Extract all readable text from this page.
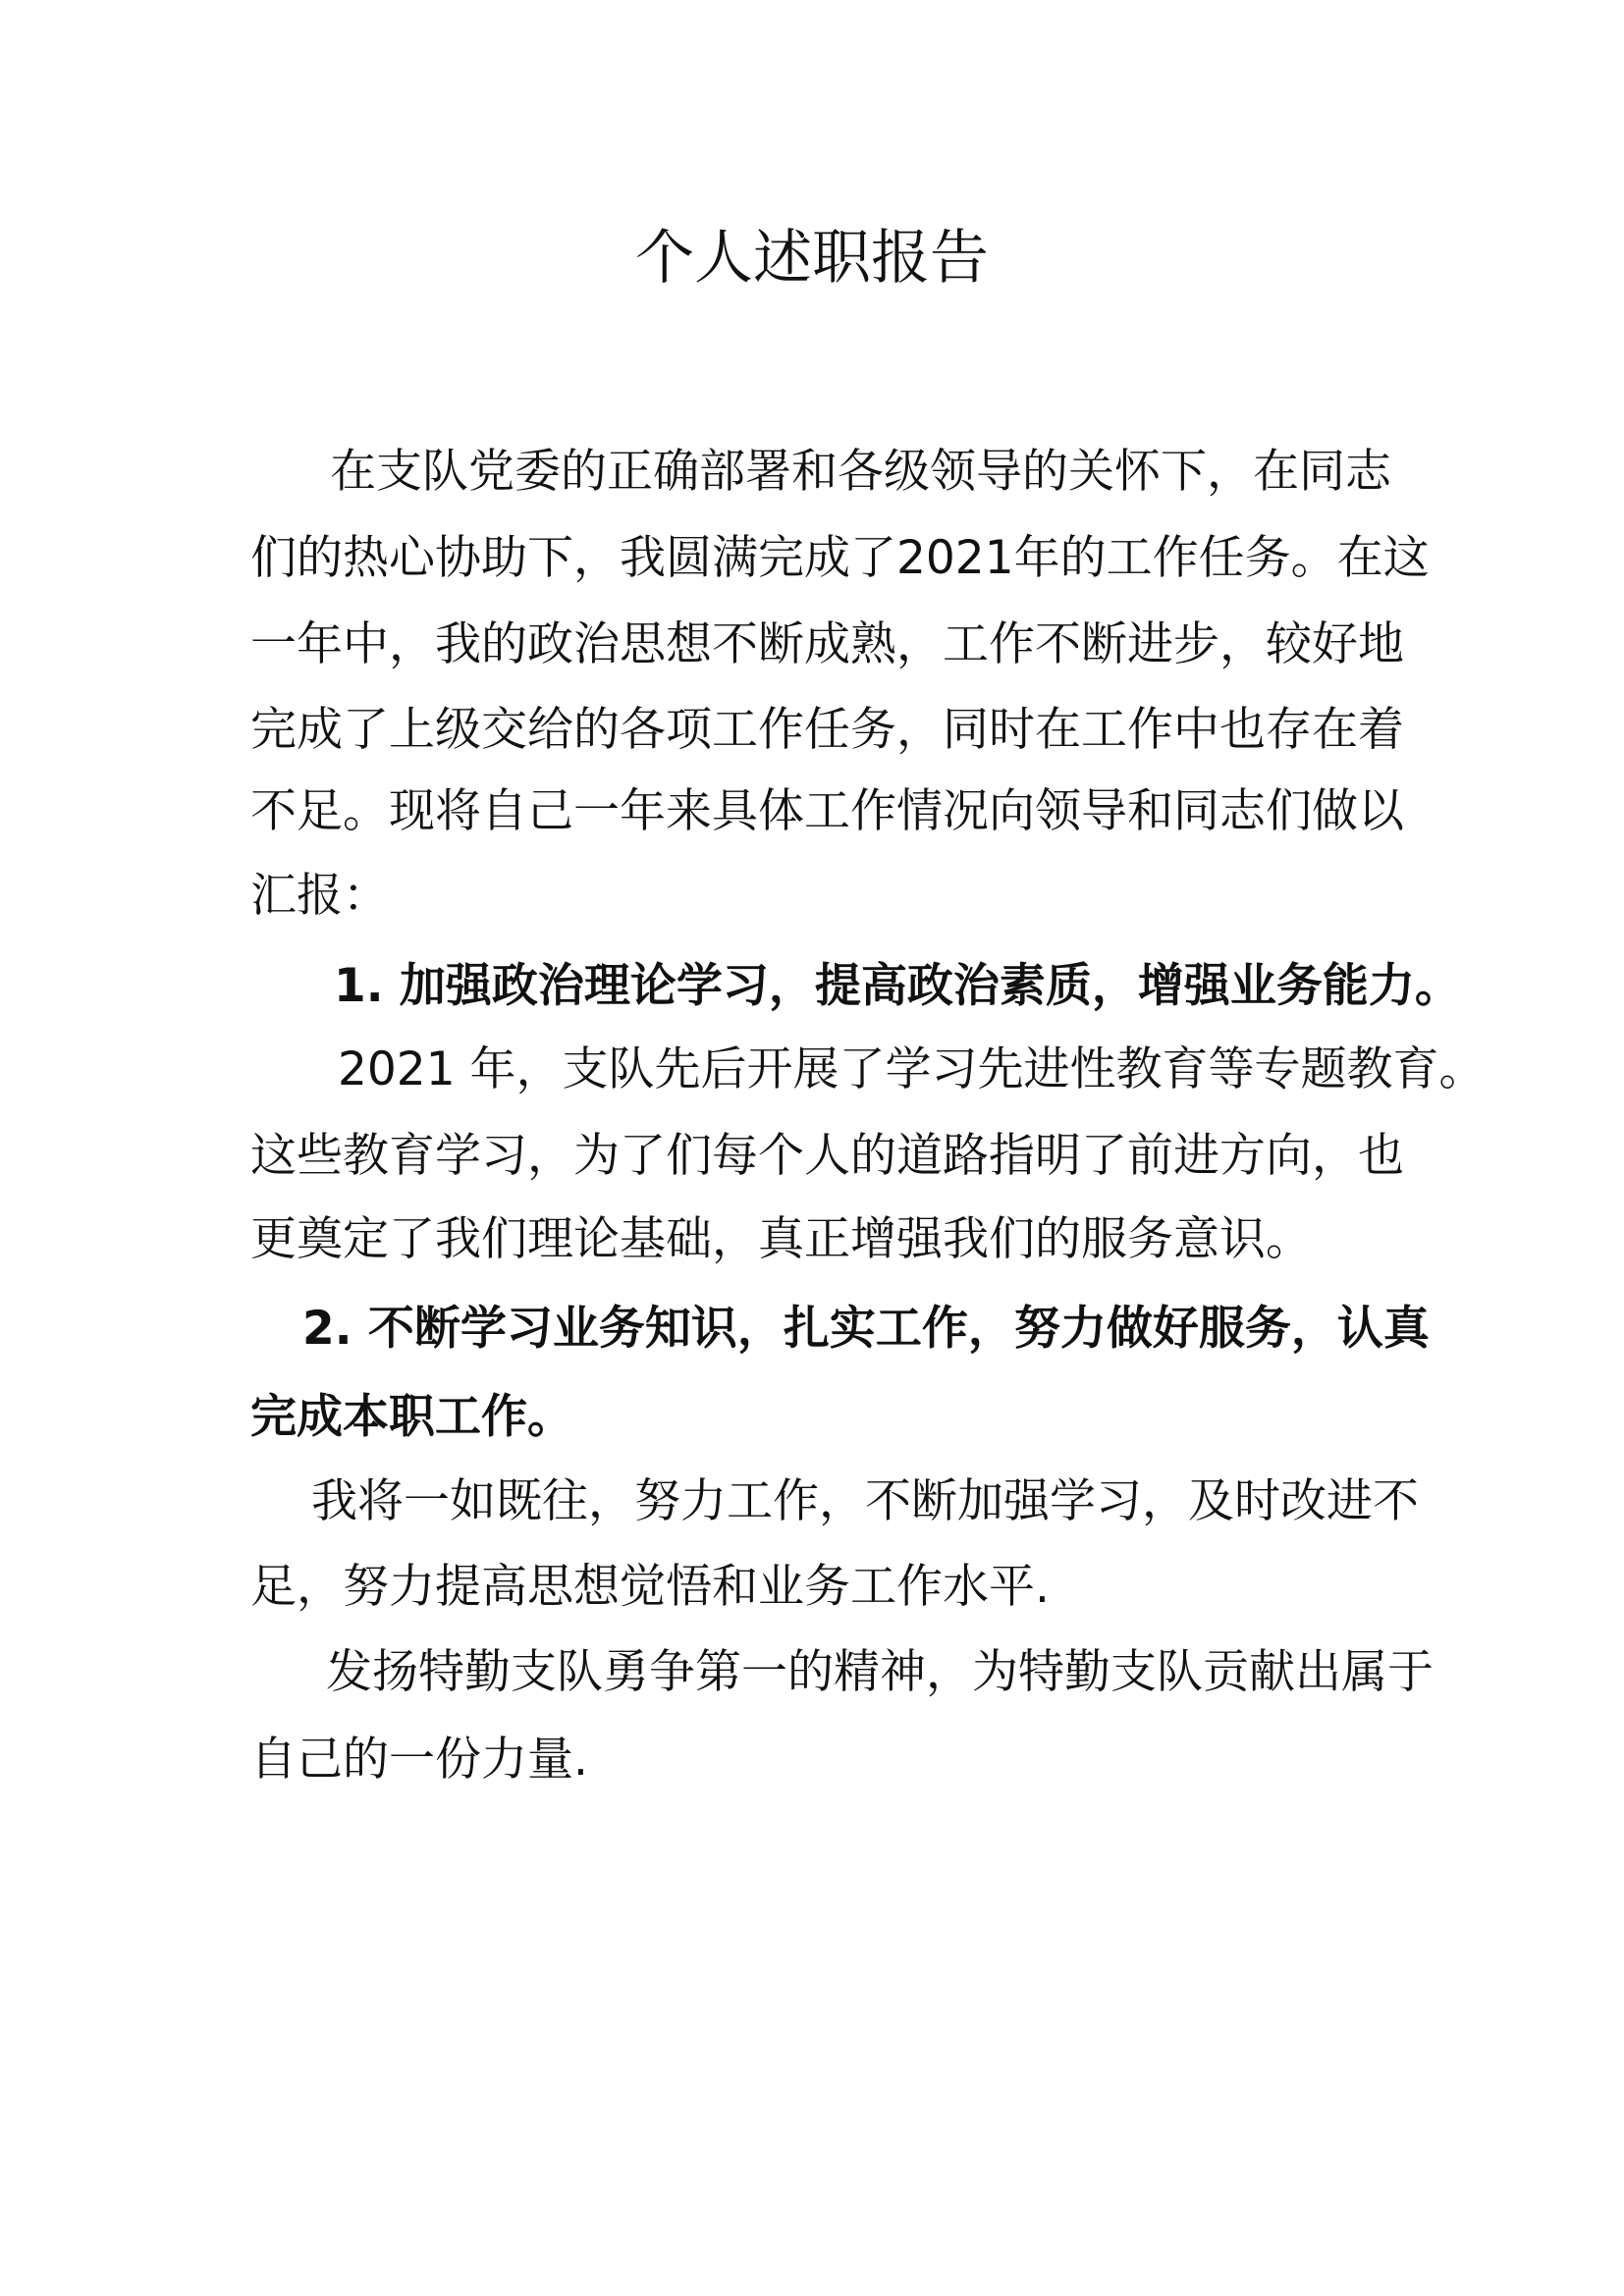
个人述职报告
在支队党委的正确部署和各级领导的关怀下，在同志
们的热心协助下，我圆满完成了2021年的工作任务。在这
一年中，我的政治思想不断成熟，工作不断进步，较好地
完成了上级交给的各项工作任务，同时在工作中也存在着
不足。现将自己一年来具体工作情况向领导和同志们做以
汇报：
1. 加强政治理论学习，提高政治素质，增强业务能力。
2021 年，支队先后开展了学习先进性教育等专题教育。
这些教育学习，为了们每个人的道路指明了前进方向，也
更奠定了我们理论基础，真正增强我们的服务意识。
2. 不断学习业务知识，扎实工作，努力做好服务，认真
完成本职工作。
我将一如既往，努力工作，不断加强学习，及时改进不
足，努力提高思想觉悟和业务工作水平.
发扬特勤支队勇争第一的精神，为特勤支队贡献出属于
自己的一份力量.
